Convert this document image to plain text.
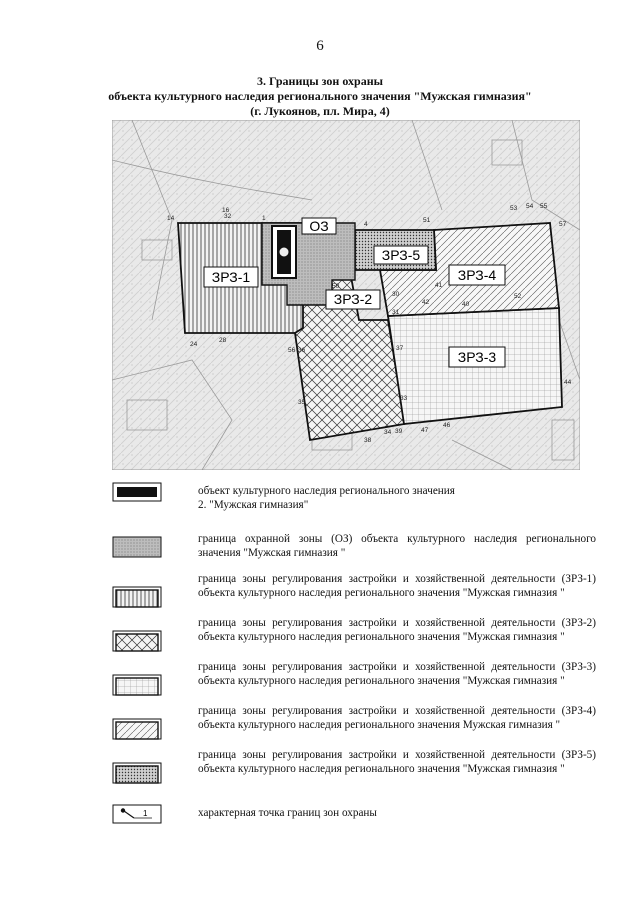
6
3. Границы зон охраны
объекта культурного наследия регионального значения "Мужская гимназия"
(г. Лукоянов, пл. Мира, 4)
ОЗ
ЗРЗ-1
ЗРЗ-2
ЗРЗ-3
ЗРЗ-4
ЗРЗ-5
1
4
14
16
24
28
30
31
32
33
34
35
36	37
38
39
40
41
42
44
46
47
50
51
52
53 54 55
56
57
объект культурного наследия регионального значения
2. "Мужская гимназия"
граница охранной зоны (ОЗ) объекта культурного наследия регионального значения "Мужская гимназия "
граница зоны регулирования застройки и хозяйственной деятельности (ЗРЗ-1) объекта культурного наследия регионального значения "Мужская гимназия "
граница зоны регулирования застройки и хозяйственной деятельности (ЗРЗ-2) объекта культурного наследия регионального значения "Мужская гимназия "
граница зоны регулирования застройки и хозяйственной деятельности (ЗРЗ-3) объекта культурного наследия регионального значения "Мужская гимназия "
граница зоны регулирования застройки и хозяйственной деятельности (ЗРЗ-4) объекта культурного наследия регионального значения Мужская гимназия "
граница зоны регулирования застройки и хозяйственной деятельности (ЗРЗ-5) объекта культурного наследия регионального значения "Мужская гимназия "
1	характерная точка границ зон охраны
